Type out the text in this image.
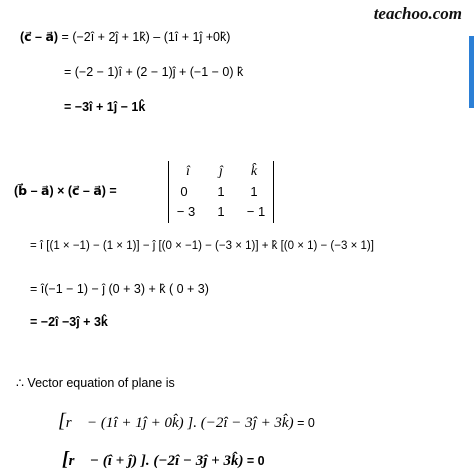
teachoo.com
(c⃗ – a⃗) = (−2î + 2ĵ + 1k̂) – (1î + 1ĵ +0k̂)
= (−2 − 1)î + (2 − 1)ĵ + (−1 − 0) k̂
= −3î + 1ĵ − 1k̂
(b⃗ – a⃗) × (c⃗ – a⃗) =
î	ĵ	k̂
0	1	1
− 3	1	− 1
= î [(1 × −1) − (1 × 1)] − ĵ [(0 × −1) − (−3 × 1)] + k̂ [(0 × 1) − (−3 × 1)]
= î(−1 − 1) − ĵ (0 + 3) + k̂ ( 0 + 3)
= −2î −3ĵ + 3k̂
∴ Vector equation of plane is
[r⃗ − (1î + 1ĵ + 0k̂) ]. (−2î − 3ĵ + 3k̂) = 0
[r⃗ − (î + ĵ) ]. (−2î − 3ĵ + 3k̂) = 0
